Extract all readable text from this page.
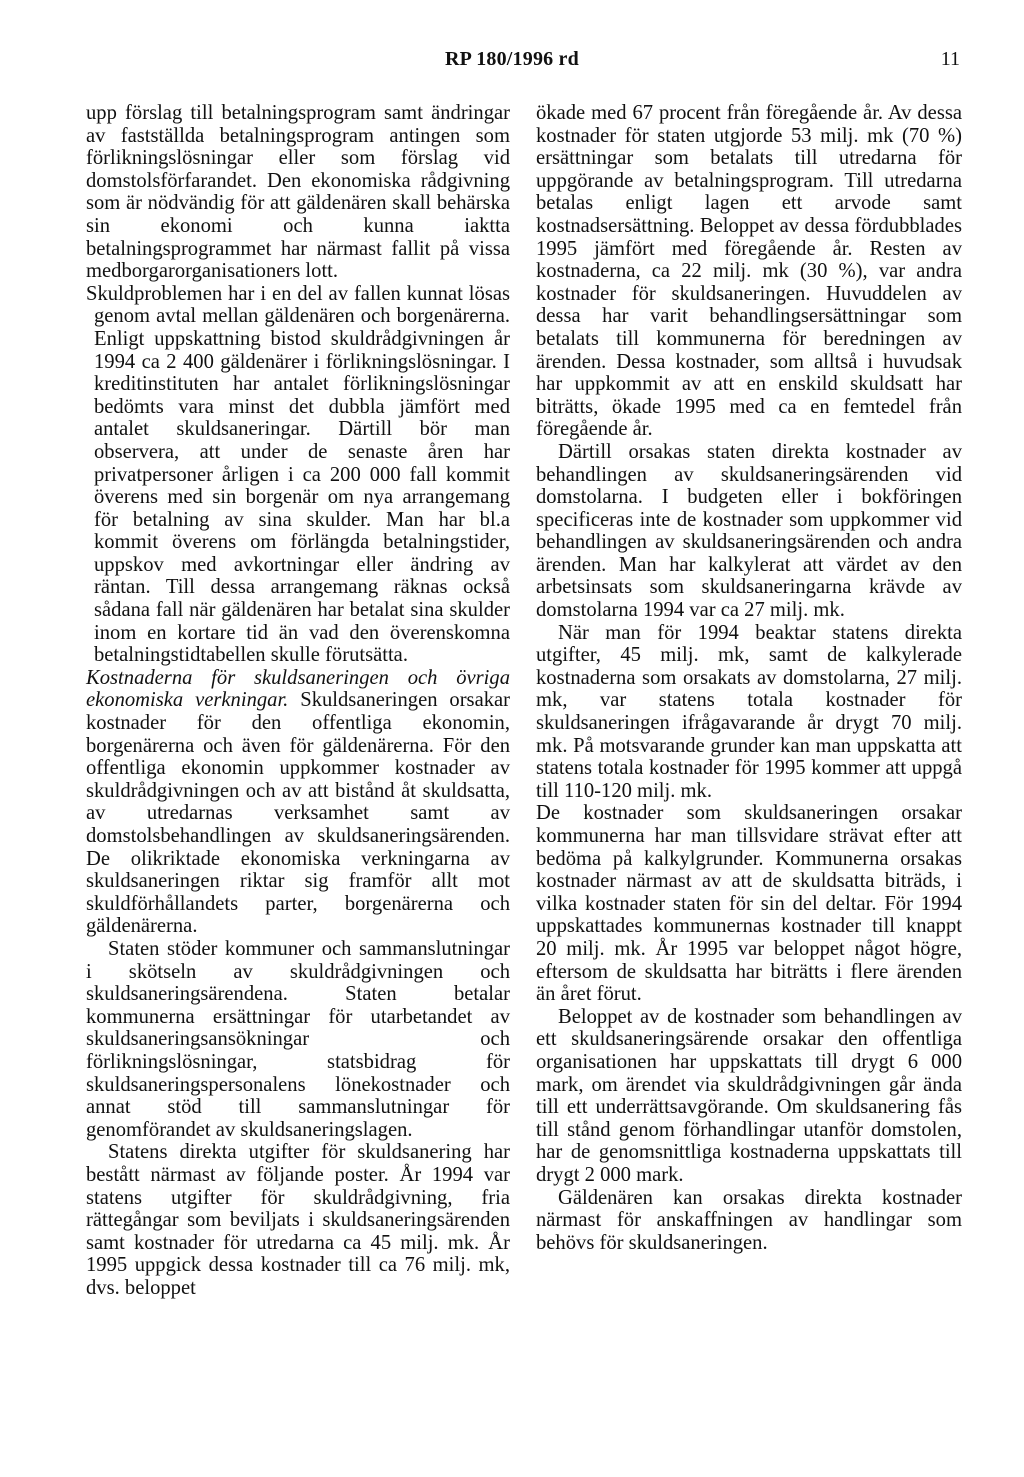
RP 180/1996 rd	11

upp förslag till betalningsprogram samt ändringar av fastställda betalningsprogram antingen som förlikningslösningar eller som förslag vid domstolsförfarandet. Den ekonomiska rådgivning som är nödvändig för att gäldenären skall behärska sin ekonomi och kunna iaktta betalningsprogrammet har närmast fallit på vissa medborgarorganisationers lott.

Skuldproblemen har i en del av fallen kunnat lösas genom avtal mellan gäldenären och borgenärerna. Enligt uppskattning bistod skuldrådgivningen år 1994 ca 2 400 gäldenärer i förlikningslösningar. I kreditinstituten har antalet förlikningslösningar bedömts vara minst det dubbla jämfört med antalet skuldsaneringar. Därtill bör man observera, att under de senaste åren har privatpersoner årligen i ca 200 000 fall kommit överens med sin borgenär om nya arrangemang för betalning av sina skulder. Man har bl.a kommit överens om förlängda betalningstider, uppskov med avkortningar eller ändring av räntan. Till dessa arrangemang räknas också sådana fall när gäldenären har betalat sina skulder inom en kortare tid än vad den överenskomna betalningstidtabellen skulle förutsätta.

Kostnaderna för skuldsaneringen och övriga ekonomiska verkningar. Skuldsaneringen orsakar kostnader för den offentliga ekonomin, borgenärerna och även för gäldenärerna. För den offentliga ekonomin uppkommer kostnader av skuldrådgivningen och av att bistånd åt skuldsatta, av utredarnas verksamhet samt av domstolsbehandlingen av skuldsaneringsärenden. De olikriktade ekonomiska verkningarna av skuldsaneringen riktar sig framför allt mot skuldförhållandets parter, borgenärerna och gäldenärerna.

Staten stöder kommuner och sammanslutningar i skötseln av skuldrådgivningen och skuldsaneringsärendena. Staten betalar kommunerna ersättningar för utarbetandet av skuldsaneringsansökningar och förlikningslösningar, statsbidrag för skuldsaneringspersonalens lönekostnader och annat stöd till sammanslutningar för genomförandet av skuldsaneringslagen.

Statens direkta utgifter för skuldsanering har bestått närmast av följande poster. År 1994 var statens utgifter för skuldrådgivning, fria rättegångar som beviljats i skuldsaneringsärenden samt kostnader för utredarna ca 45 milj. mk. År 1995 uppgick dessa kostnader till ca 76 milj. mk, dvs. beloppet

ökade med 67 procent från föregående år. Av dessa kostnader för staten utgjorde 53 milj. mk (70 %) ersättningar som betalats till utredarna för uppgörande av betalningsprogram. Till utredarna betalas enligt lagen ett arvode samt kostnadsersättning. Beloppet av dessa fördubblades 1995 jämfört med föregående år. Resten av kostnaderna, ca 22 milj. mk (30 %), var andra kostnader för skuldsaneringen. Huvuddelen av dessa har varit behandlingsersättningar som betalats till kommunerna för beredningen av ärenden. Dessa kostnader, som alltså i huvudsak har uppkommit av att en enskild skuldsatt har biträtts, ökade 1995 med ca en femtedel från föregående år.

Därtill orsakas staten direkta kostnader av behandlingen av skuldsaneringsärenden vid domstolarna. I budgeten eller i bokföringen specificeras inte de kostnader som uppkommer vid behandlingen av skuldsaneringsärenden och andra ärenden. Man har kalkylerat att värdet av den arbetsinsats som skuldsaneringarna krävde av domstolarna 1994 var ca 27 milj. mk.

När man för 1994 beaktar statens direkta utgifter, 45 milj. mk, samt de kalkylerade kostnaderna som orsakats av domstolarna, 27 milj. mk, var statens totala kostnader för skuldsaneringen ifrågavarande år drygt 70 milj. mk. På motsvarande grunder kan man uppskatta att statens totala kostnader för 1995 kommer att uppgå till 110-120 milj. mk.

De kostnader som skuldsaneringen orsakar kommunerna har man tillsvidare strävat efter att bedöma på kalkylgrunder. Kommunerna orsakas kostnader närmast av att de skuldsatta biträds, i vilka kostnader staten för sin del deltar. För 1994 uppskattades kommunernas kostnader till knappt 20 milj. mk. År 1995 var beloppet något högre, eftersom de skuldsatta har biträtts i flere ärenden än året förut.

Beloppet av de kostnader som behandlingen av ett skuldsaneringsärende orsakar den offentliga organisationen har uppskattats till drygt 6 000 mark, om ärendet via skuldrådgivningen går ända till ett underrättsavgörande. Om skuldsanering fås till stånd genom förhandlingar utanför domstolen, har de genomsnittliga kostnaderna uppskattats till drygt 2 000 mark.

Gäldenären kan orsakas direkta kostnader närmast för anskaffningen av handlingar som behövs för skuldsaneringen.
